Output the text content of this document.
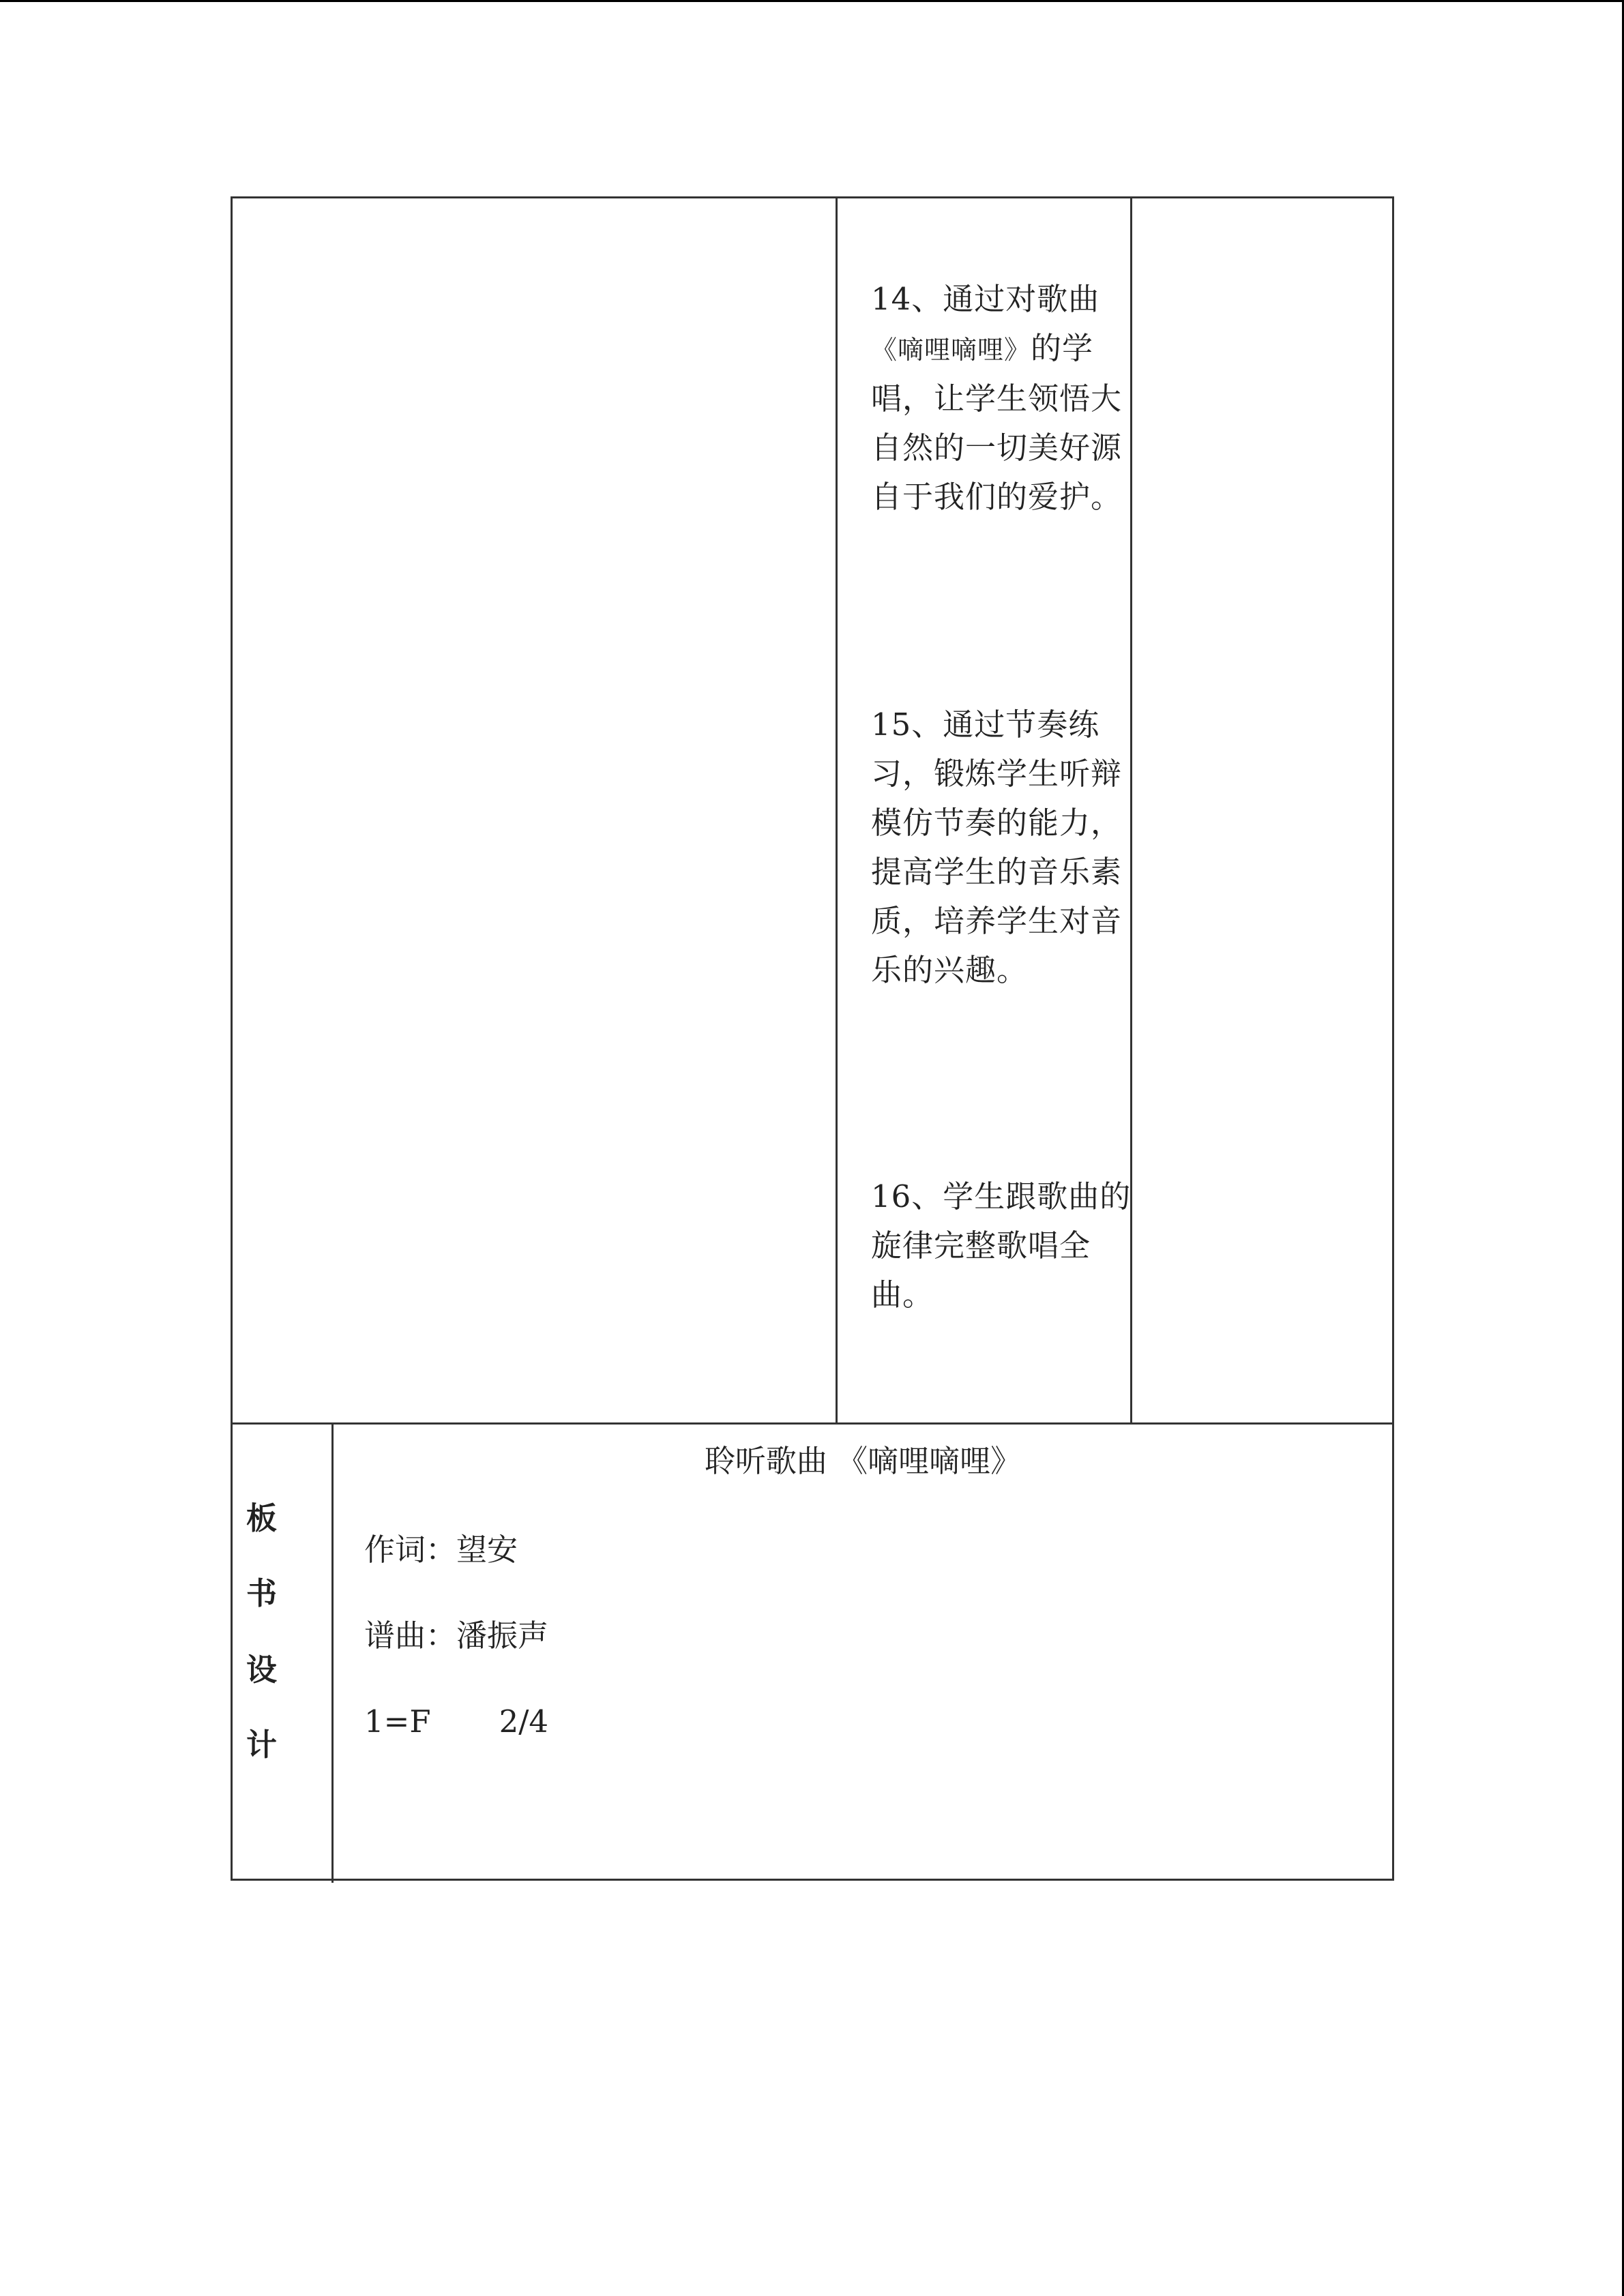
14、通过对歌曲
《嘀哩嘀哩》的学
唱，让学生领悟大
自然的一切美好源
自于我们的爱护。
15、通过节奏练
习，锻炼学生听辩
模仿节奏的能力，
提高学生的音乐素
质，培养学生对音
乐的兴趣。
16、学生跟歌曲的
旋律完整歌唱全
曲。
板
书
设
计
聆听歌曲 《嘀哩嘀哩》
作词：望安
谱曲：潘振声
1=F 2/4
